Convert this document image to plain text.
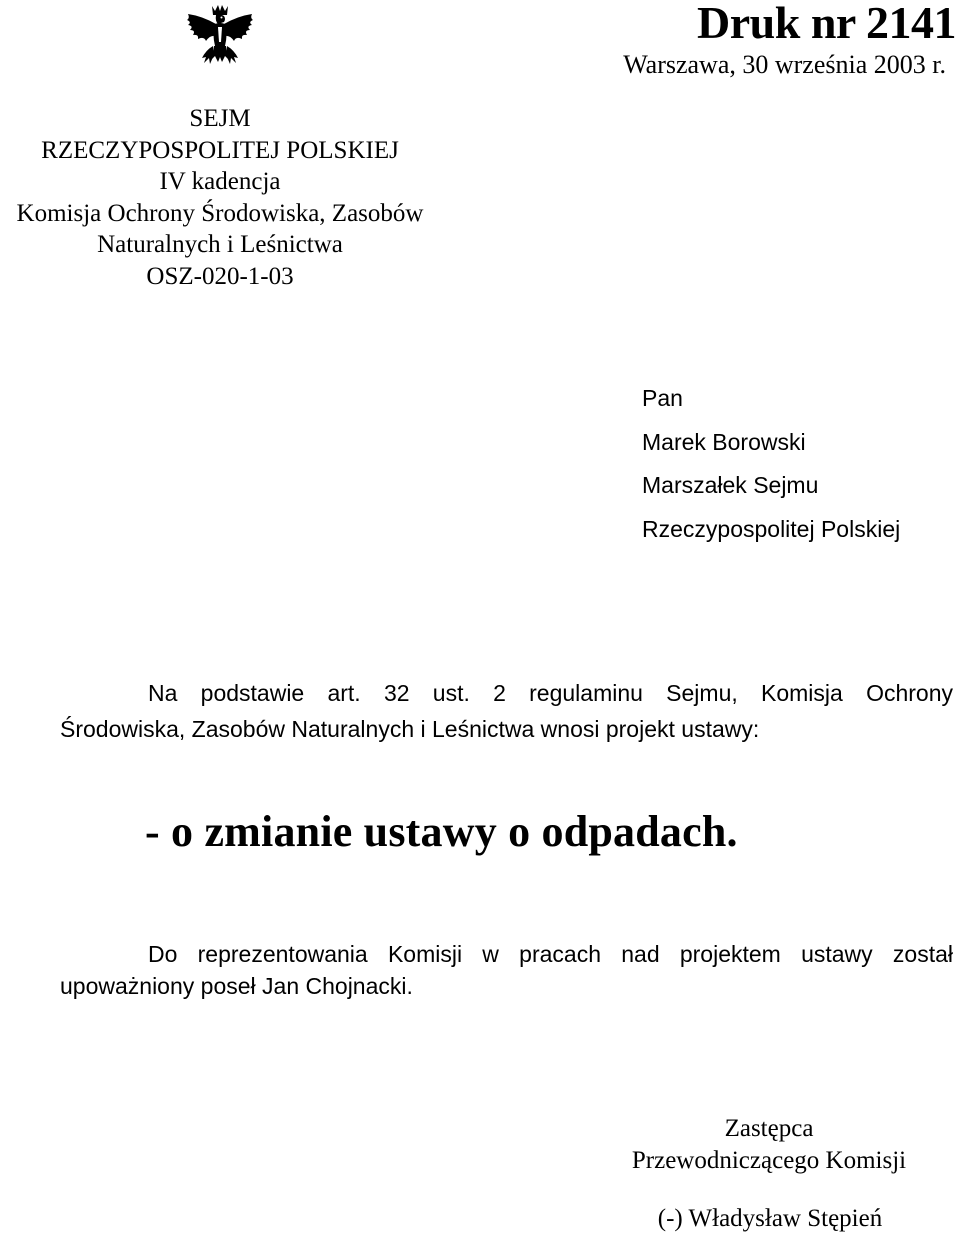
Druk nr 2141
Warszawa, 30 września 2003 r.
SEJM
RZECZYPOSPOLITEJ POLSKIEJ
IV kadencja
Komisja Ochrony Środowiska, Zasobów
Naturalnych i Leśnictwa
OSZ-020-1-03
Pan
Marek Borowski
Marszałek Sejmu
Rzeczypospolitej Polskiej
Na podstawie art. 32 ust. 2 regulaminu Sejmu, Komisja Ochrony
Środowiska, Zasobów Naturalnych i Leśnictwa wnosi projekt ustawy:
- o zmianie ustawy o odpadach.
Do reprezentowania Komisji w pracach nad projektem ustawy został
upoważniony poseł Jan Chojnacki.
Zastępca
Przewodniczącego Komisji
(-) Władysław Stępień
